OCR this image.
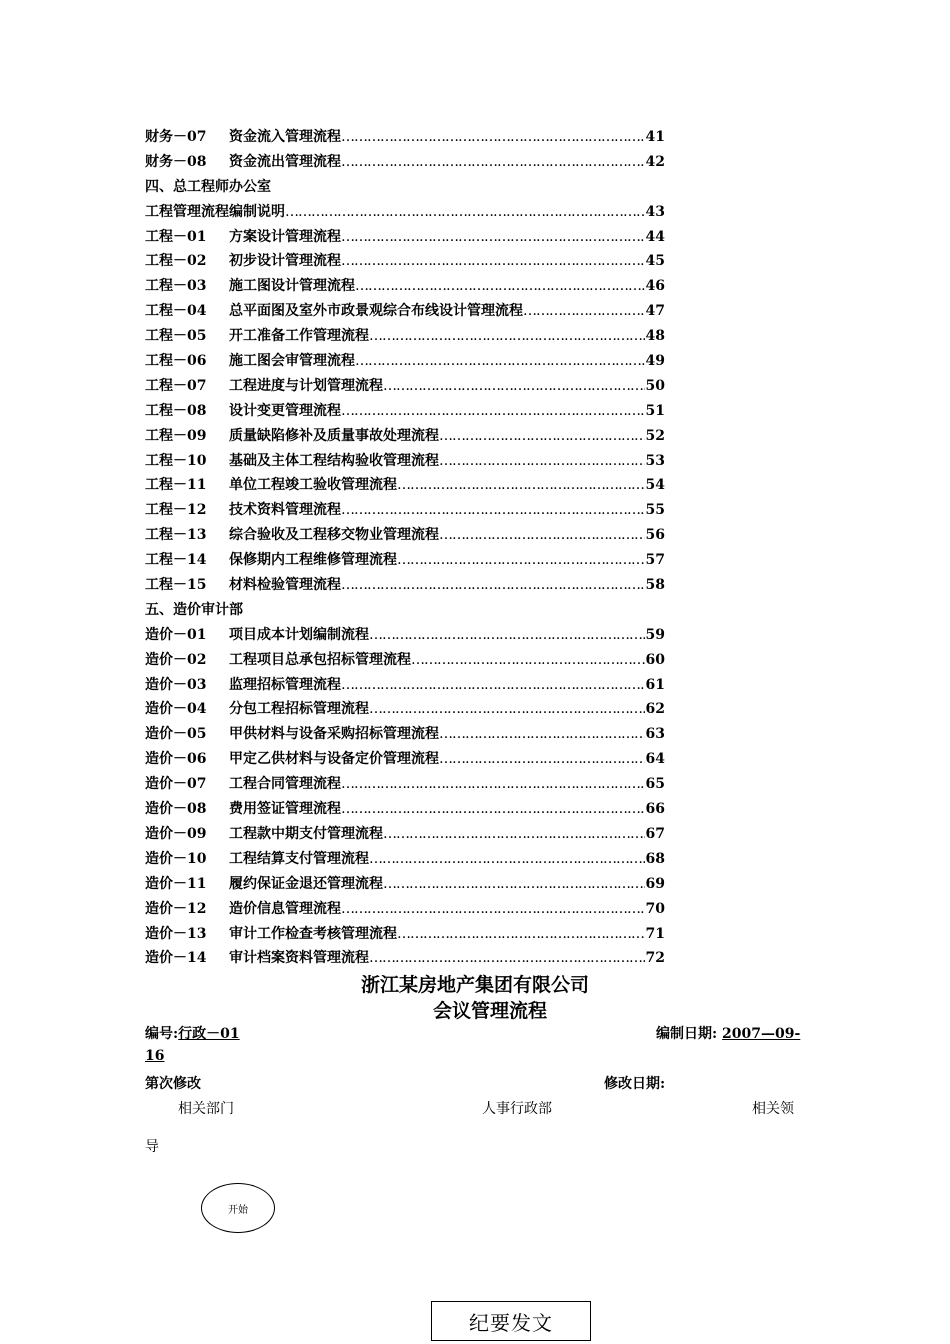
财务－07	资金流入管理流程 ……………………………………………………………………………………………………………………	41
财务－08	资金流出管理流程 ……………………………………………………………………………………………………………………	42
四、总工程师办公室
工程管理流程编制说明 ……………………………………………………………………………………………………………………	43
工程－01	方案设计管理流程 ……………………………………………………………………………………………………………………	44
工程－02	初步设计管理流程 ……………………………………………………………………………………………………………………	45
工程－03	施工图设计管理流程 ……………………………………………………………………………………………………………………	46
工程－04	总平面图及室外市政景观综合布线设计管理流程 ……………………………………………………………………………………………………………………	47
工程－05	开工准备工作管理流程 ……………………………………………………………………………………………………………………	48
工程－06	施工图会审管理流程 ……………………………………………………………………………………………………………………	49
工程－07	工程进度与计划管理流程 ……………………………………………………………………………………………………………………	50
工程－08	设计变更管理流程 ……………………………………………………………………………………………………………………	51
工程－09	质量缺陷修补及质量事故处理流程 ……………………………………………………………………………………………………………………	52
工程－10	基础及主体工程结构验收管理流程 ……………………………………………………………………………………………………………………	53
工程－11	单位工程竣工验收管理流程 ……………………………………………………………………………………………………………………	54
工程－12	技术资料管理流程 ……………………………………………………………………………………………………………………	55
工程－13	综合验收及工程移交物业管理流程 ……………………………………………………………………………………………………………………	56
工程－14	保修期内工程维修管理流程 ……………………………………………………………………………………………………………………	57
工程－15	材料检验管理流程 ……………………………………………………………………………………………………………………	58
五、造价审计部
造价－01	项目成本计划编制流程 ……………………………………………………………………………………………………………………	59
造价－02	工程项目总承包招标管理流程 ……………………………………………………………………………………………………………………	60
造价－03	监理招标管理流程 ……………………………………………………………………………………………………………………	61
造价－04	分包工程招标管理流程 ……………………………………………………………………………………………………………………	62
造价－05	甲供材料与设备采购招标管理流程 ……………………………………………………………………………………………………………………	63
造价－06	甲定乙供材料与设备定价管理流程 ……………………………………………………………………………………………………………………	64
造价－07	工程合同管理流程 ……………………………………………………………………………………………………………………	65
造价－08	费用签证管理流程 ……………………………………………………………………………………………………………………	66
造价－09	工程款中期支付管理流程 ……………………………………………………………………………………………………………………	67
造价－10	工程结算支付管理流程 ……………………………………………………………………………………………………………………	68
造价－11	履约保证金退还管理流程 ……………………………………………………………………………………………………………………	69
造价－12	造价信息管理流程 ……………………………………………………………………………………………………………………	70
造价－13	审计工作检查考核管理流程 ……………………………………………………………………………………………………………………	71
造价－14	审计档案资料管理流程 ……………………………………………………………………………………………………………………	72
浙江某房地产集团有限公司
会议管理流程
编号:行政－01	编制日期: 2007—09-
16
第次修改	修改日期:
相关部门	人事行政部	相关领
导
开始
纪要发文
